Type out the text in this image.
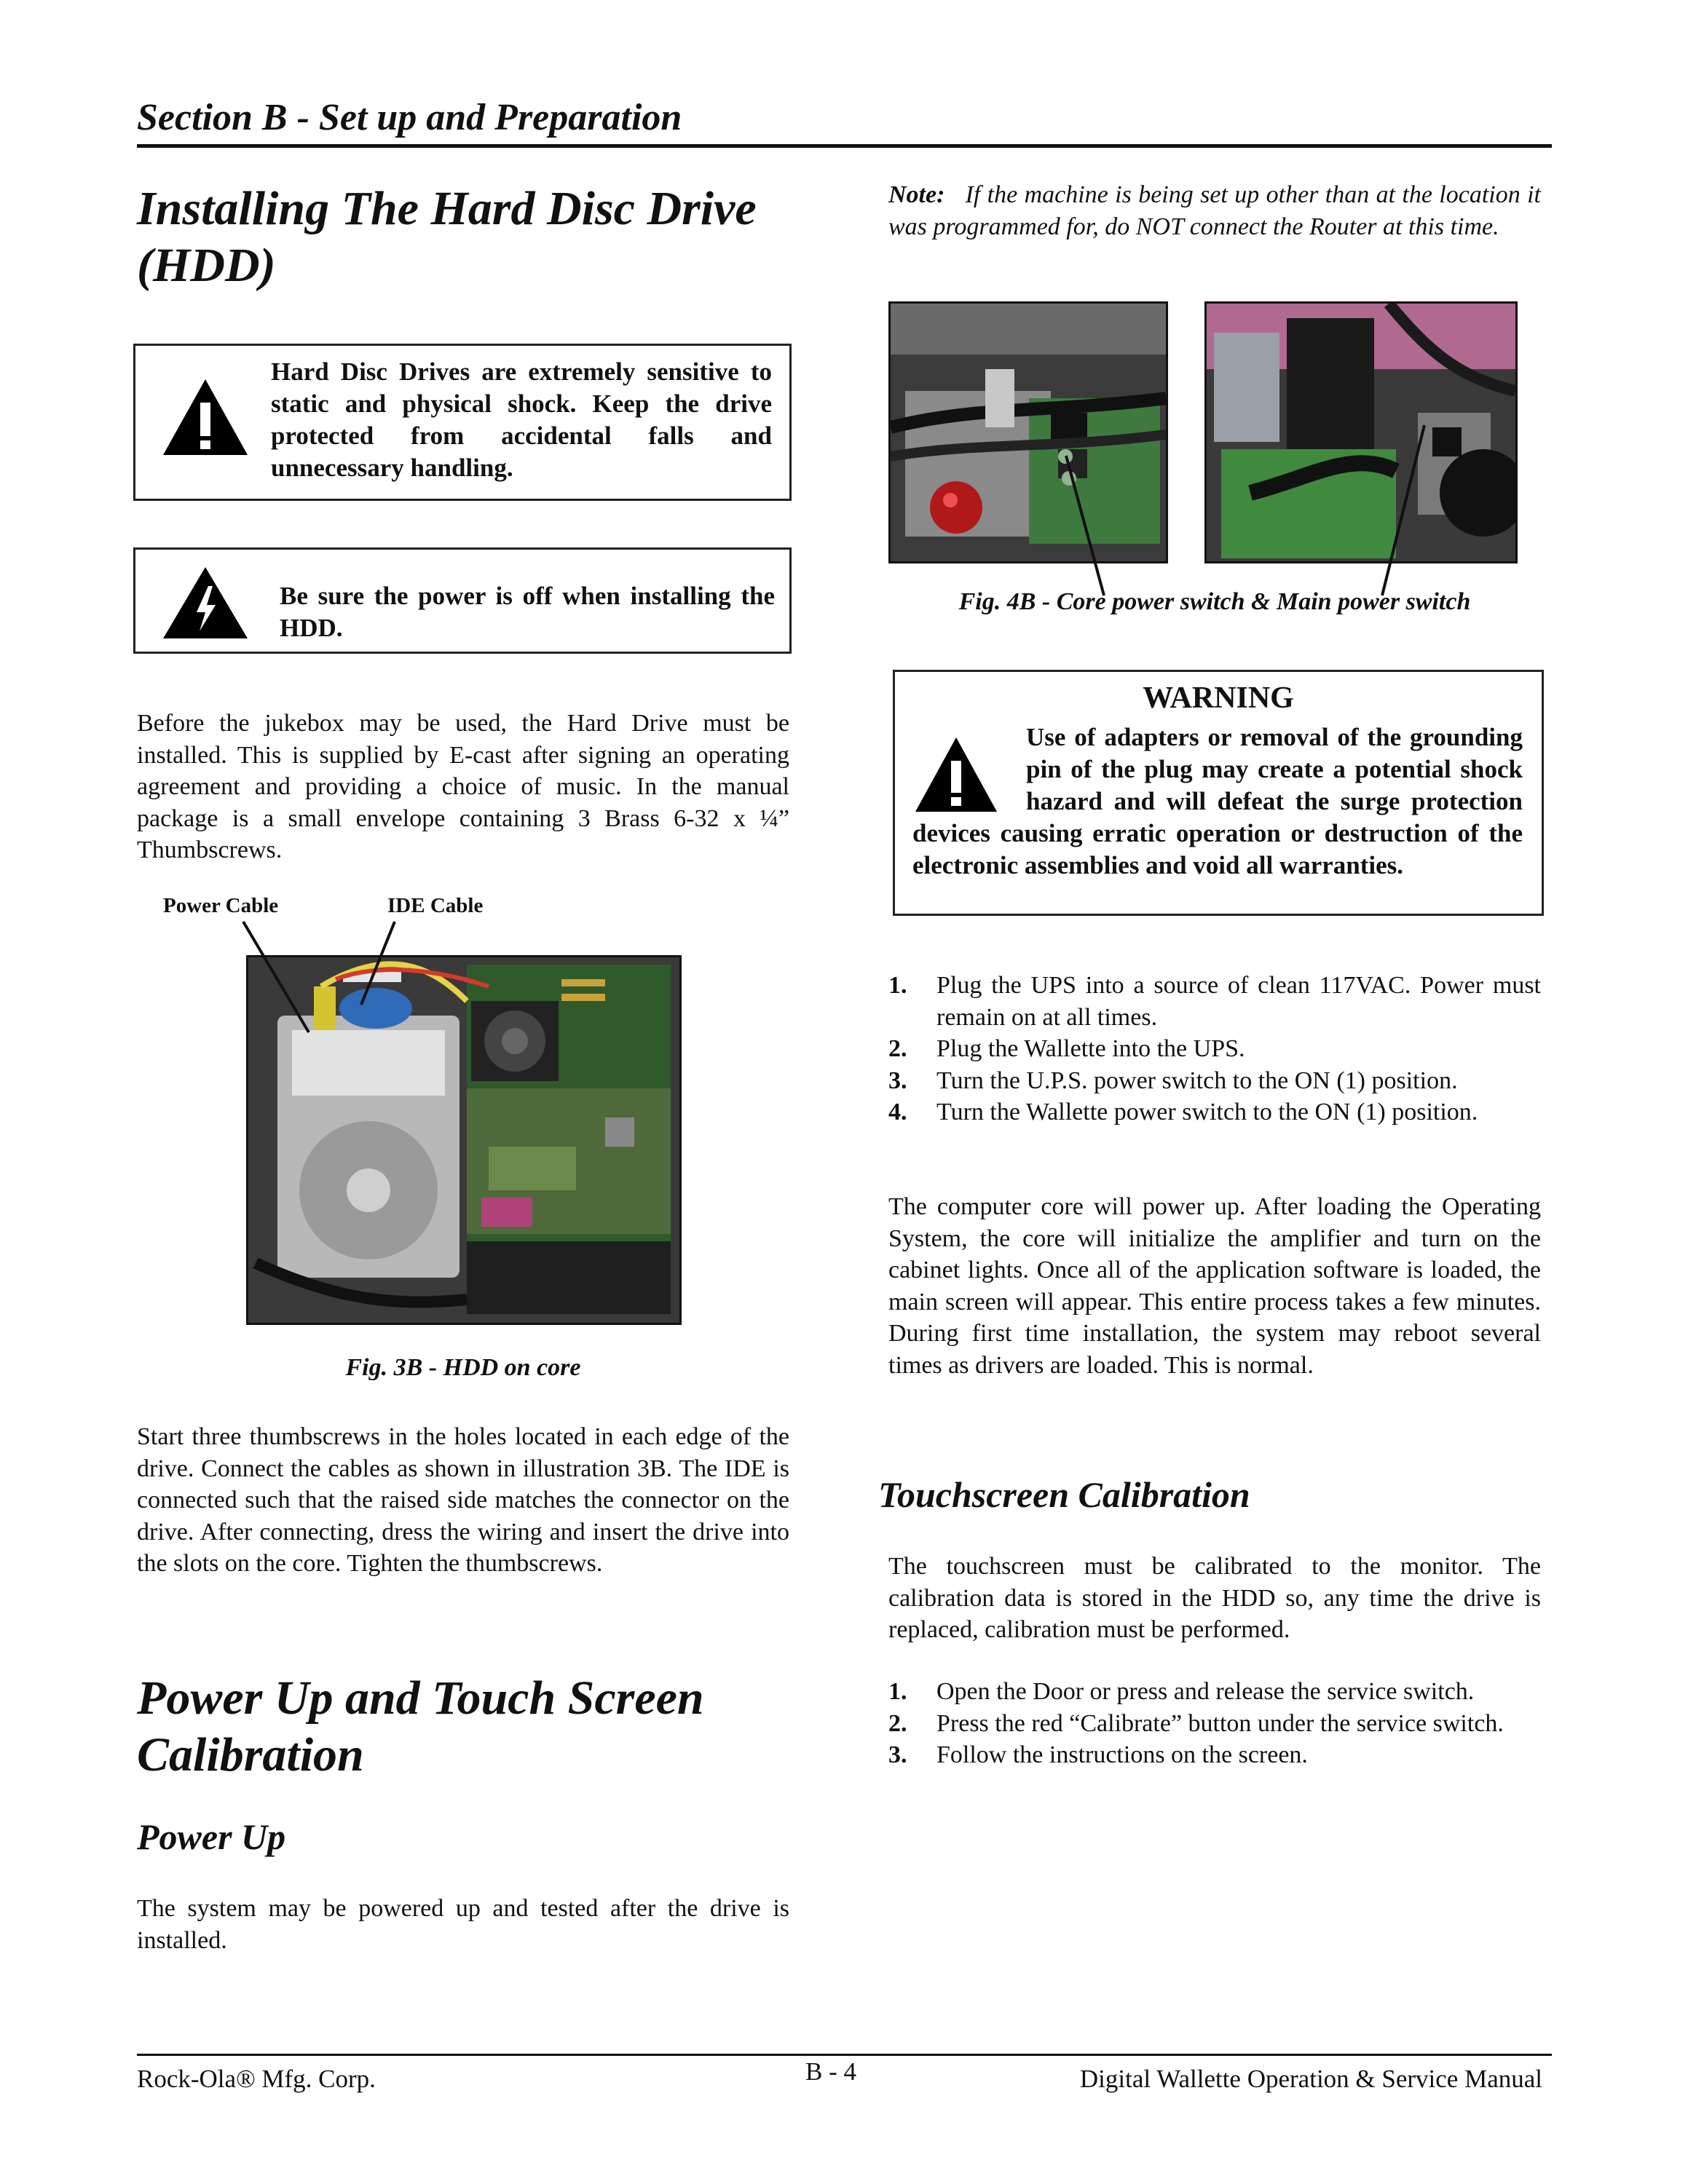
Section B - Set up and Preparation
Installing The Hard Disc Drive (HDD)
Hard Disc Drives are extremely sensitive to static and physical shock. Keep the drive protected from accidental falls and unnecessary handling.
Be sure the power is off when installing the HDD.
Before the jukebox may be used, the Hard Drive must be installed. This is supplied by E-cast after signing an operating agreement and providing a choice of music. In the manual package is a small envelope containing 3 Brass 6-32 x ¼” Thumbscrews.
Power Cable	IDE Cable
Fig. 3B - HDD on core
Start three thumbscrews in the holes located in each edge of the drive. Connect the cables as shown in illustration 3B. The IDE is connected such that the raised side matches the connector on the drive. After connecting, dress the wiring and insert the drive into the slots on the core. Tighten the thumbscrews.
Power Up and Touch Screen Calibration
Power Up
The system may be powered up and tested after the drive is installed.
Note: If the machine is being set up other than at the location it was programmed for, do NOT connect the Router at this time.
Fig. 4B - Core power switch & Main power switch
WARNING
Use of adapters or removal of the grounding pin of the plug may create a potential shock hazard and will defeat the surge protection devices causing erratic operation or destruction of the electronic assemblies and void all warranties.
1. Plug the UPS into a source of clean 117VAC. Power must remain on at all times.
2. Plug the Wallette into the UPS.
3. Turn the U.P.S. power switch to the ON (1) position.
4. Turn the Wallette power switch to the ON (1) position.
The computer core will power up. After loading the Operating System, the core will initialize the amplifier and turn on the cabinet lights. Once all of the application software is loaded, the main screen will appear. This entire process takes a few minutes. During first time installation, the system may reboot several times as drivers are loaded. This is normal.
Touchscreen Calibration
The touchscreen must be calibrated to the monitor. The calibration data is stored in the HDD so, any time the drive is replaced, calibration must be performed.
1. Open the Door or press and release the service switch.
2. Press the red “Calibrate” button under the service switch.
3. Follow the instructions on the screen.
Rock-Ola® Mfg. Corp.	B - 4	Digital Wallette Operation & Service Manual
